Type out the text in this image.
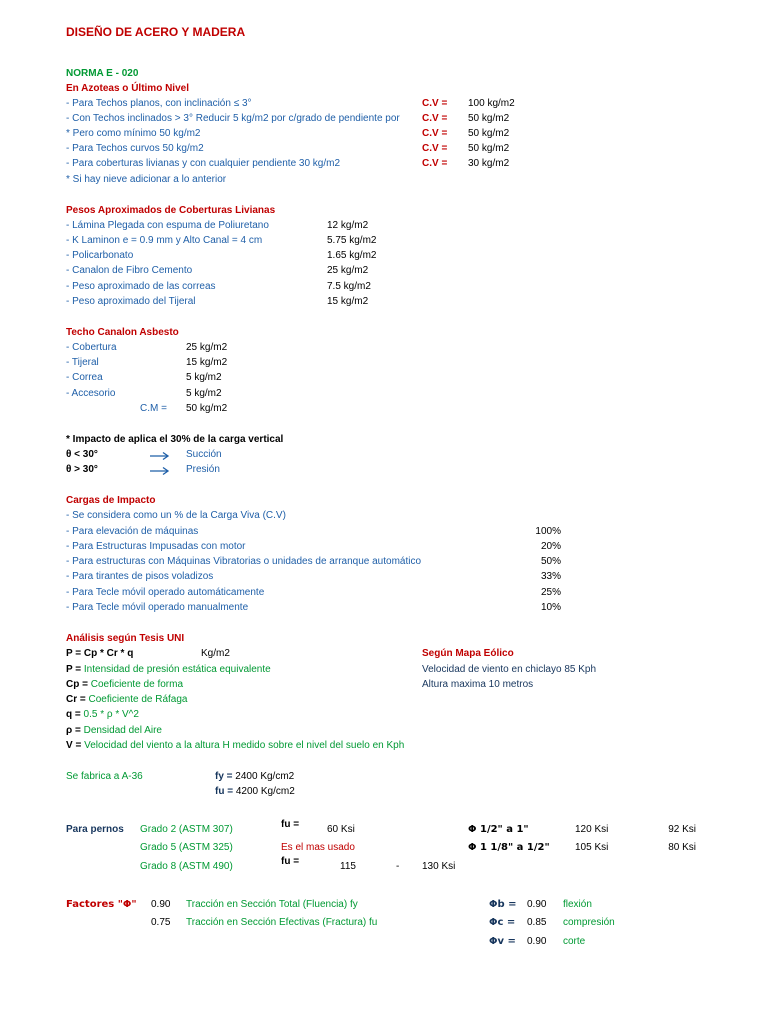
DISEÑO DE ACERO Y MADERA
NORMA E - 020
En Azoteas o Último Nivel
- Para Techos planos, con inclinación ≤ 3°	C.V = 100 kg/m2
- Con Techos inclinados > 3° Reducir 5 kg/m2 por c/grado de pendiente por C.V = 50 kg/m2
* Pero como mínimo 50 kg/m2	C.V = 50 kg/m2
- Para Techos curvos 50 kg/m2	C.V = 50 kg/m2
- Para coberturas livianas y con cualquier pendiente 30 kg/m2	C.V = 30 kg/m2
* Si hay nieve adicionar a lo anterior
Pesos Aproximados de Coberturas Livianas
- Lámina Plegada con espuma de Poliuretano	12 kg/m2
- K Laminon e = 0.9 mm y Alto Canal = 4 cm	5.75 kg/m2
- Policarbonato	1.65 kg/m2
- Canalon de Fibro Cemento	25 kg/m2
- Peso aproximado de las correas	7.5 kg/m2
- Peso aproximado del Tijeral	15 kg/m2
Techo Canalon Asbesto
- Cobertura	25 kg/m2
- Tijeral	15 kg/m2
- Correa	5 kg/m2
- Accesorio	5 kg/m2
C.M = 50 kg/m2
* Impacto de aplica el 30% de la carga vertical
θ < 30°	Succión
θ > 30°	Presión
Cargas de Impacto
- Se considera como un % de la Carga Viva (C.V)
- Para elevación de máquinas	100%
- Para Estructuras Impusadas con motor	20%
- Para estructuras con Máquinas Vibratorias o unidades de arranque automático	50%
- Para tirantes de pisos voladizos	33%
- Para Tecle móvil operado automáticamente	25%
- Para Tecle móvil operado manualmente	10%
Análisis según Tesis UNI
P = Cp * Cr * q	Kg/m2	Según Mapa Eólico
P = Intensidad de presión estática equivalente	Velocidad de viento en chiclayo 85 Kph
Cp = Coeficiente de forma	Altura maxima 10 metros
Cr = Coeficiente de Ráfaga
q = 0.5 * ρ * V^2
ρ = Densidad del Aire
V = Velocidad del viento a la altura H medido sobre el nivel del suelo en Kph
Se fabrica a A-36	fy = 2400 Kg/cm2
fu = 4200 Kg/cm2
Para pernos Grado 2 (ASTM 307)	fu =	60 Ksi	Φ 1/2" a 1"	120 Ksi	92 Ksi
Grado 5 (ASTM 325)	Es el mas usado	Φ 1 1/8" a 1/2"	105 Ksi	80 Ksi
Grado 8 (ASTM 490)	fu =	115	- 130 Ksi
Factores "Φ" 0.90 Tracción en Sección Total (Fluencia) fy
0.75 Tracción en Sección Efectivas (Fractura) fu
Φb = 0.90 flexión
Φc = 0.85 compresión
Φv = 0.90 corte
